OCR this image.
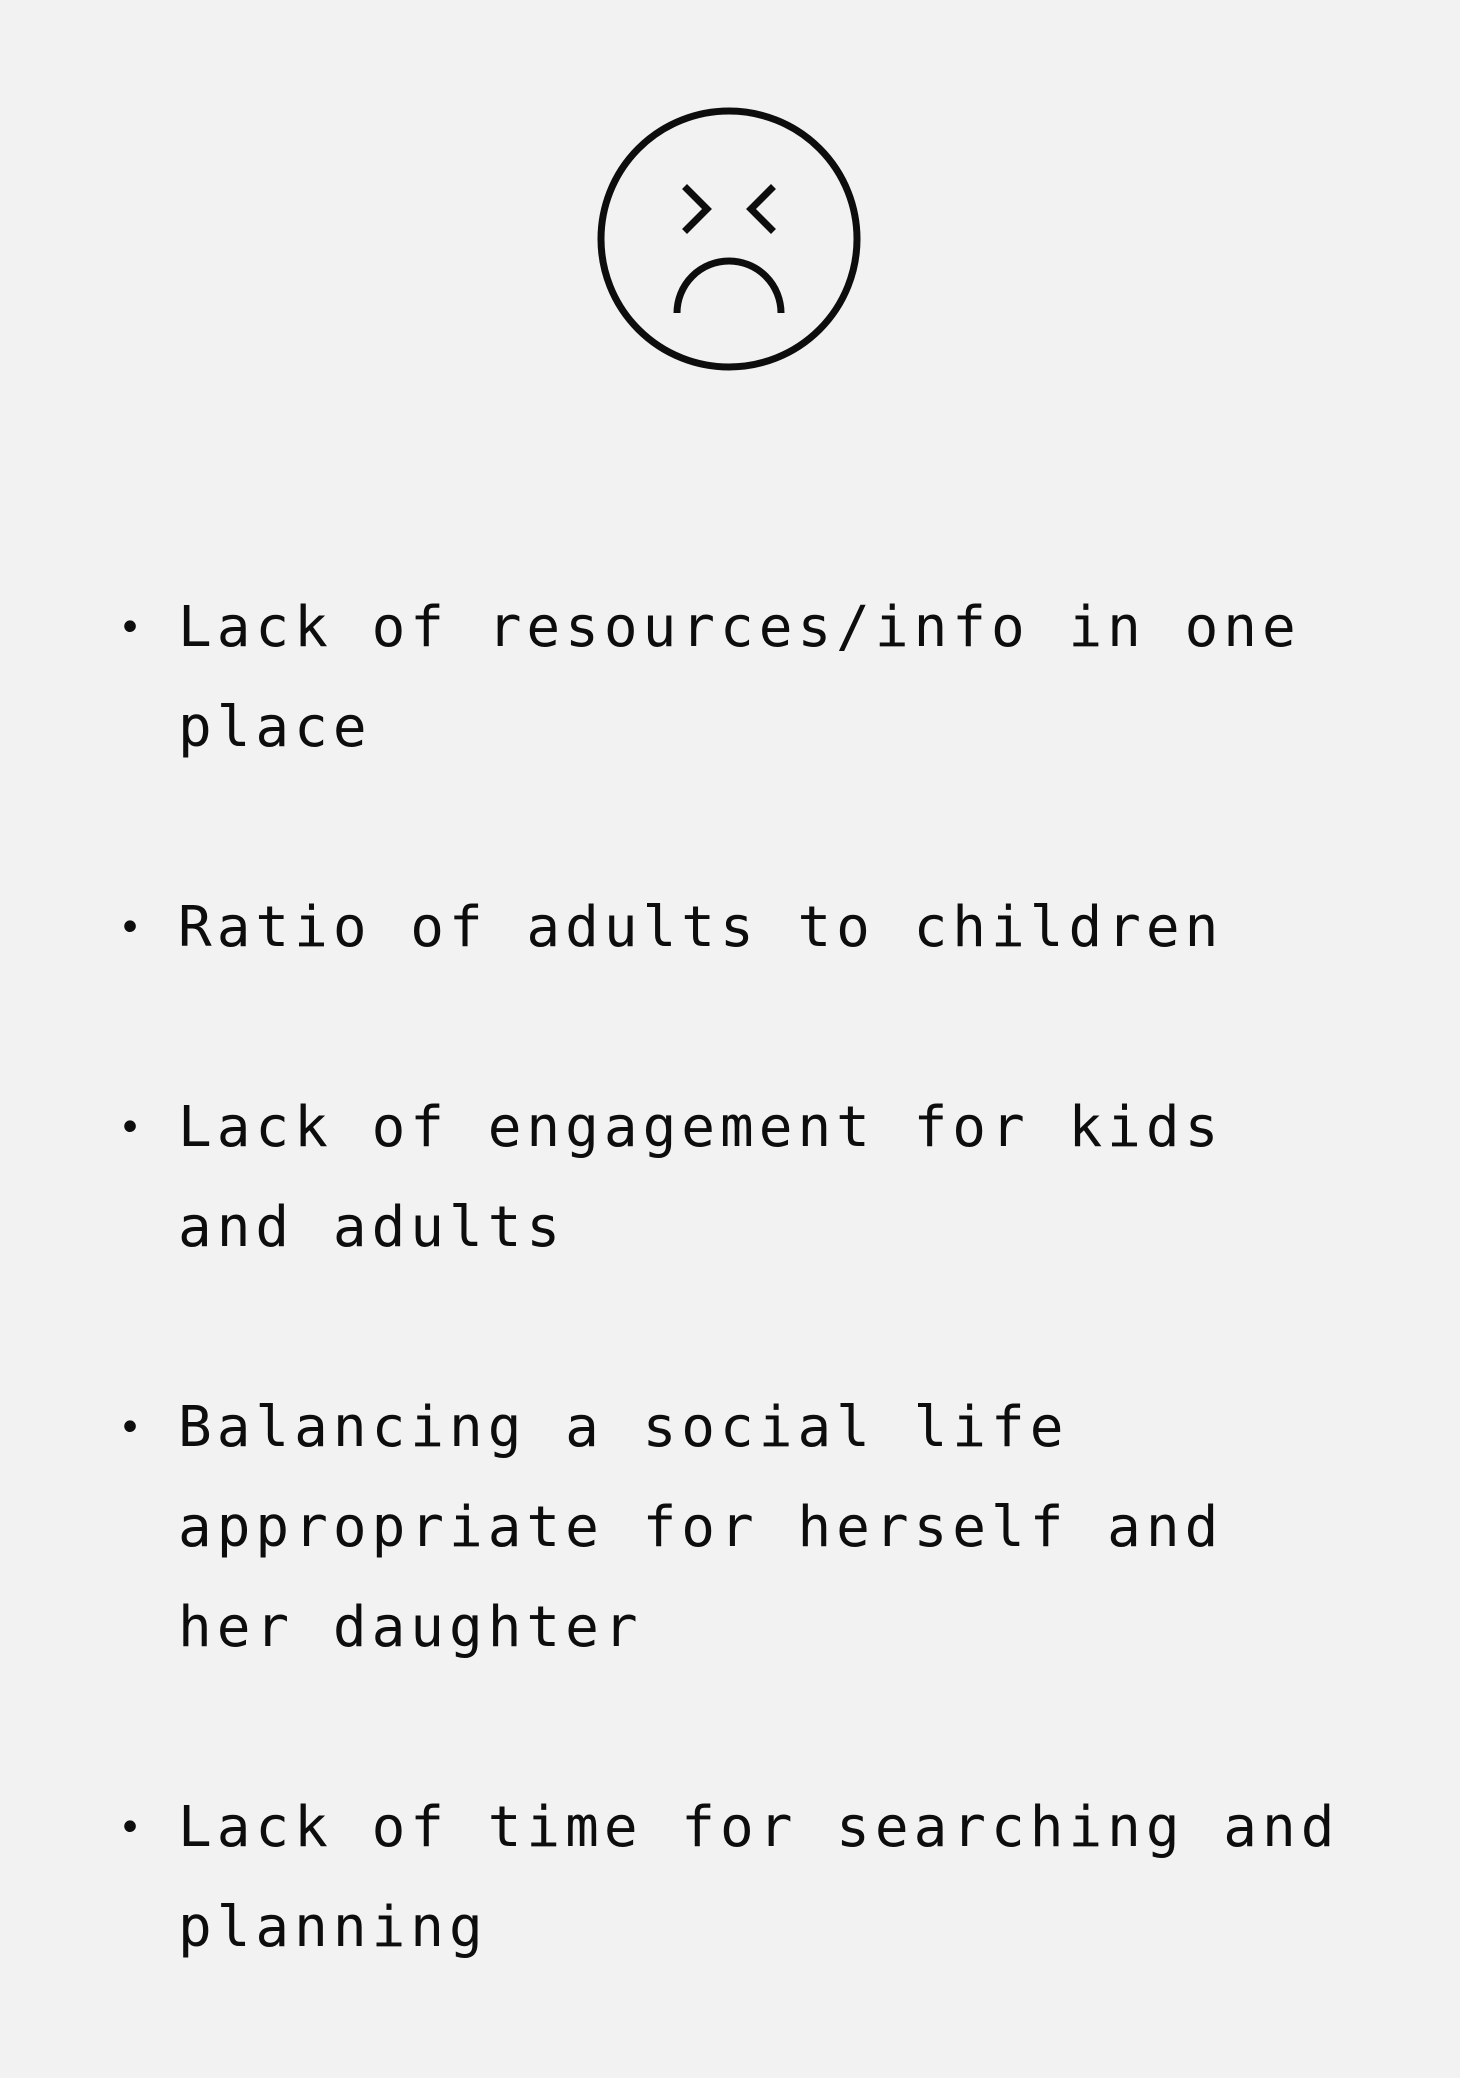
• Lack of resources/info in one place
• Ratio of adults to children
• Lack of engagement for kids and adults
• Balancing a social life appropriate for herself and her daughter
• Lack of time for searching and planning
